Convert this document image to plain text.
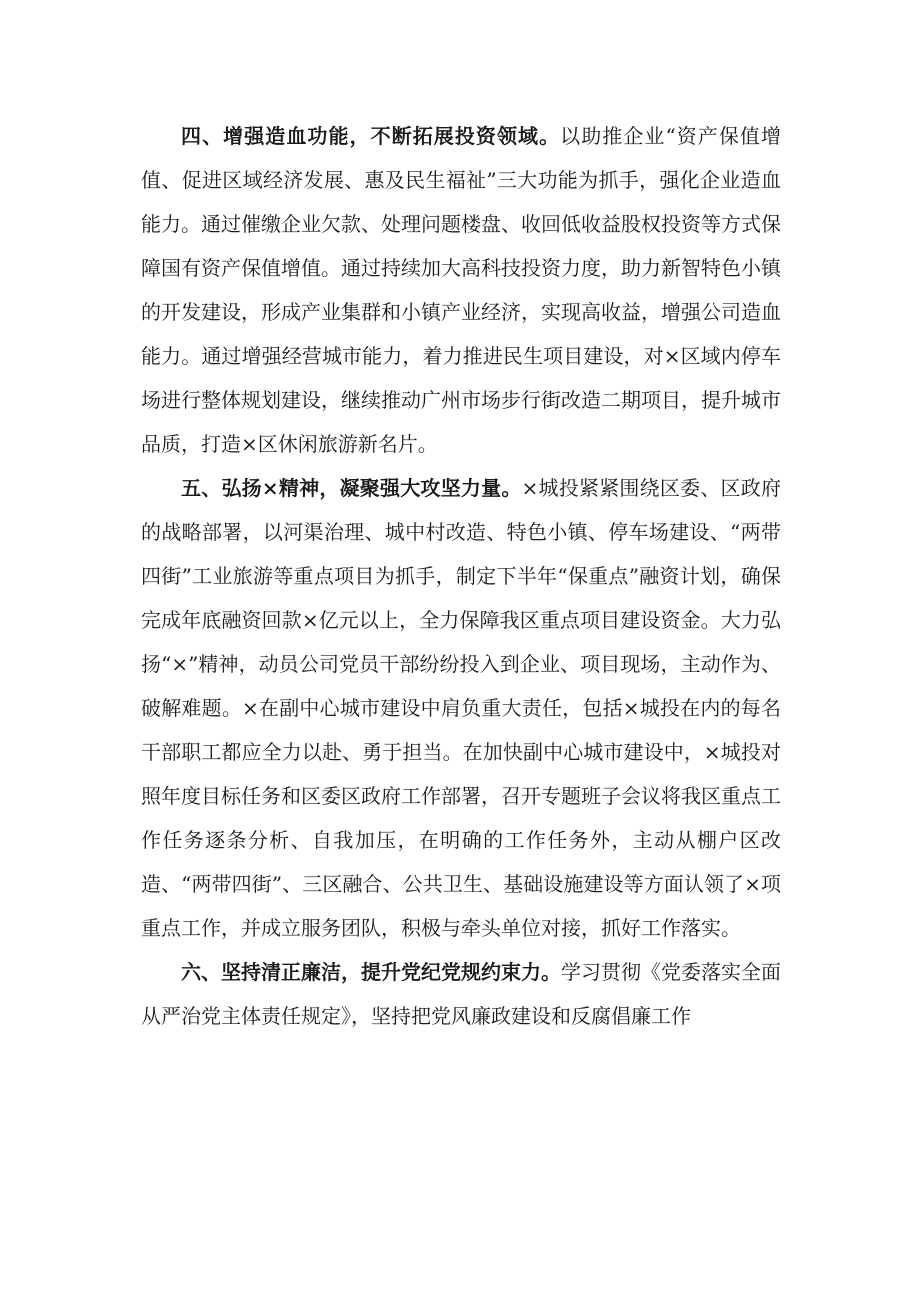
四、增强造血功能，不断拓展投资领域。以助推企业“资产保值增值、促进区域经济发展、惠及民生福祉”三大功能为抓手，强化企业造血能力。通过催缴企业欠款、处理问题楼盘、收回低收益股权投资等方式保障国有资产保值增值。通过持续加大高科技投资力度，助力新智特色小镇的开发建设，形成产业集群和小镇产业经济，实现高收益，增强公司造血能力。通过增强经营城市能力，着力推进民生项目建设，对×区域内停车场进行整体规划建设，继续推动广州市场步行街改造二期项目，提升城市品质，打造×区休闲旅游新名片。

五、弘扬×精神，凝聚强大攻坚力量。×城投紧紧围绕区委、区政府的战略部署，以河渠治理、城中村改造、特色小镇、停车场建设、“两带四街”工业旅游等重点项目为抓手，制定下半年“保重点”融资计划，确保完成年底融资回款×亿元以上，全力保障我区重点项目建设资金。大力弘扬“×”精神，动员公司党员干部纷纷投入到企业、项目现场，主动作为、破解难题。×在副中心城市建设中肩负重大责任，包括×城投在内的每名干部职工都应全力以赴、勇于担当。在加快副中心城市建设中，×城投对照年度目标任务和区委区政府工作部署，召开专题班子会议将我区重点工作任务逐条分析、自我加压，在明确的工作任务外，主动从棚户区改造、“两带四街”、三区融合、公共卫生、基础设施建设等方面认领了×项重点工作，并成立服务团队，积极与牵头单位对接，抓好工作落实。

六、坚持清正廉洁，提升党纪党规约束力。学习贯彻《党委落实全面从严治党主体责任规定》，坚持把党风廉政建设和反腐倡廉工作
